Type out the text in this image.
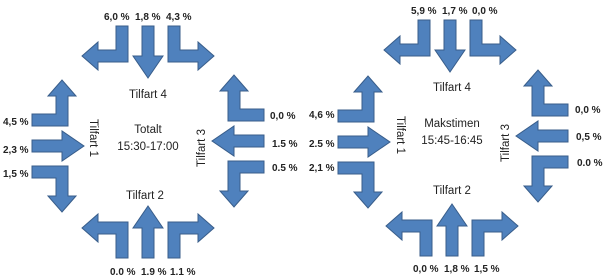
6,0 % 1,8 % 4,3 %
Tilfart 4
0.0 % 1.9 % 1.1 %
Tilfart 2
4,5 %
2,3 %
1,5 %
Tilfart 1
0,0 %
1.5 %
0.5 %
Tilfart 3
Totalt
15:30-17:00
5,9 % 1,7 % 0,0 %
Tilfart 4
0,0 % 1,8 % 1,5 %
Tilfart 2
4,6 %
2.5 %
2,1 %
Tilfart 1
0,0 %
0,5 %
0.0 %
Tilfart 3
Makstimen
15:45-16:45
